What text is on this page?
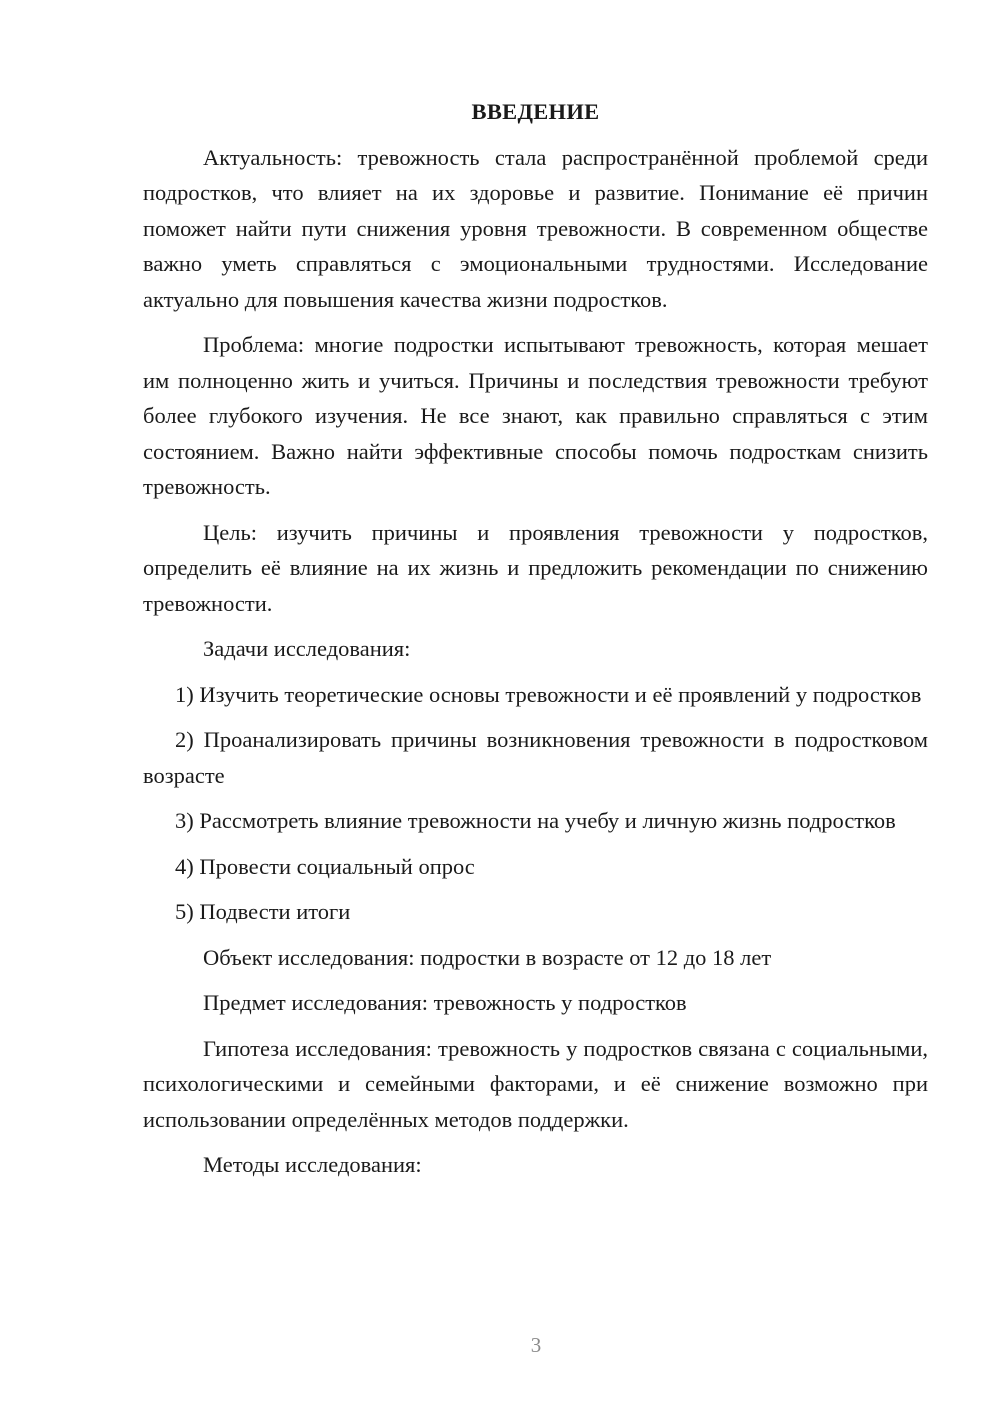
ВВЕДЕНИЕ

Актуальность: тревожность стала распространённой проблемой среди подростков, что влияет на их здоровье и развитие. Понимание её причин поможет найти пути снижения уровня тревожности. В современном обществе важно уметь справляться с эмоциональными трудностями. Исследование актуально для повышения качества жизни подростков.

Проблема: многие подростки испытывают тревожность, которая мешает им полноценно жить и учиться. Причины и последствия тревожности требуют более глубокого изучения. Не все знают, как правильно справляться с этим состоянием. Важно найти эффективные способы помочь подросткам снизить тревожность.

Цель: изучить причины и проявления тревожности у подростков, определить её влияние на их жизнь и предложить рекомендации по снижению тревожности.

Задачи исследования:

1) Изучить теоретические основы тревожности и её проявлений у подростков

2) Проанализировать причины возникновения тревожности в подростковом возрасте

3) Рассмотреть влияние тревожности на учебу и личную жизнь подростков

4) Провести социальный опрос

5) Подвести итоги

Объект исследования: подростки в возрасте от 12 до 18 лет

Предмет исследования: тревожность у подростков

Гипотеза исследования: тревожность у подростков связана с социальными, психологическими и семейными факторами, и её снижение возможно при использовании определённых методов поддержки.

Методы исследования:

3
